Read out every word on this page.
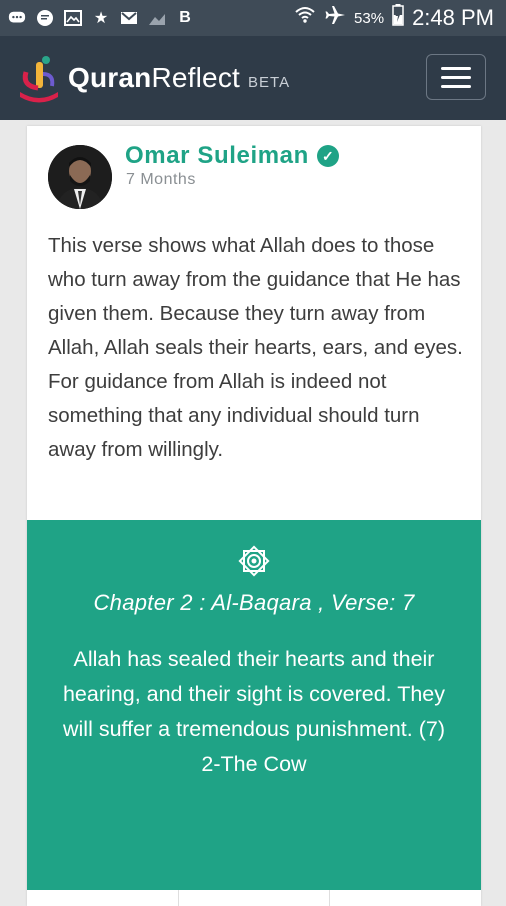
★	B	53% 2:48 PM
Quran Reflect BETA
Omar Suleiman ✓
7 Months
This verse shows what Allah does to those who turn away from the guidance that He has given them. Because they turn away from Allah, Allah seals their hearts, ears, and eyes. For guidance from Allah is indeed not something that any individual should turn away from willingly.
Chapter 2 : Al-Baqara , Verse: 7
Allah has sealed their hearts and their hearing, and their sight is covered. They will suffer a tremendous punishment. (7) 2-The Cow
